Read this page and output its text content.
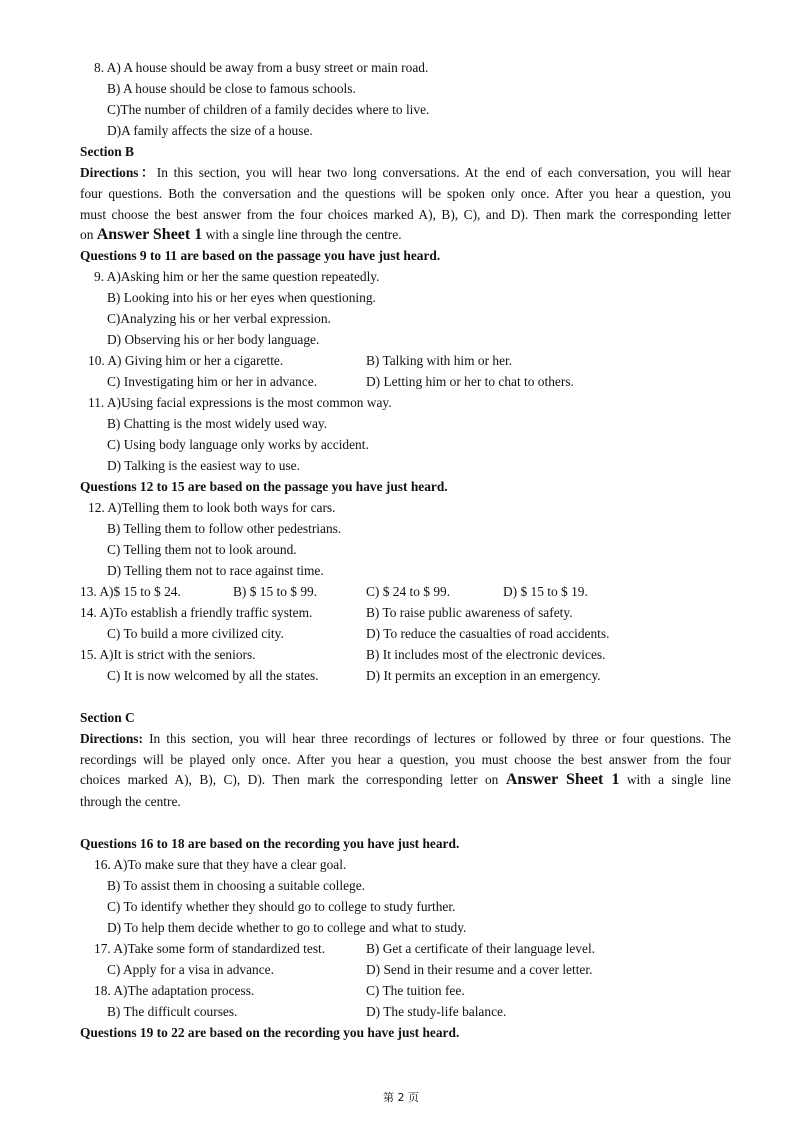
8. A) A house should be away from a busy street or main road.
B) A house should be close to famous schools.
C)The number of children of a family decides where to live.
D)A family affects the size of a house.
Section B
Directions：In this section, you will hear two long conversations. At the end of each conversation, you will hear
four questions. Both the conversation and the questions will be spoken only once. After you hear a question, you
must choose the best answer from the four choices marked A), B), C), and D). Then mark the corresponding letter
on Answer Sheet 1 with a single line through the centre.
Questions 9 to 11 are based on the passage you have just heard.
9. A)Asking him or her the same question repeatedly.
B) Looking into his or her eyes when questioning.
C)Analyzing his or her verbal expression.
D) Observing his or her body language.
10. A) Giving him or her a cigarette.	B) Talking with him or her.
C) Investigating him or her in advance.	D) Letting him or her to chat to others.
11. A)Using facial expressions is the most common way.
B) Chatting is the most widely used way.
C) Using body language only works by accident.
D) Talking is the easiest way to use.
Questions 12 to 15 are based on the passage you have just heard.
12. A)Telling them to look both ways for cars.
B) Telling them to follow other pedestrians.
C) Telling them not to look around.
D) Telling them not to race against time.
13. A)$ 15 to $ 24.	B) $ 15 to $ 99.	C) $ 24 to $ 99.	D) $ 15 to $ 19.
14. A)To establish a friendly traffic system.	B) To raise public awareness of safety.
C) To build a more civilized city.	D) To reduce the casualties of road accidents.
15. A)It is strict with the seniors.	B) It includes most of the electronic devices.
C) It is now welcomed by all the states.	D) It permits an exception in an emergency.
Section C
Directions: In this section, you will hear three recordings of lectures or followed by three or four questions. The
recordings will be played only once. After you hear a question, you must choose the best answer from the four
choices marked A), B), C), D). Then mark the corresponding letter on Answer Sheet 1 with a single line
through the centre.
Questions 16 to 18 are based on the recording you have just heard.
16. A)To make sure that they have a clear goal.
B) To assist them in choosing a suitable college.
C) To identify whether they should go to college to study further.
D) To help them decide whether to go to college and what to study.
17. A)Take some form of standardized test.	B) Get a certificate of their language level.
C) Apply for a visa in advance.	D) Send in their resume and a cover letter.
18. A)The adaptation process.	C) The tuition fee.
B) The difficult courses.	D) The study-life balance.
Questions 19 to 22 are based on the recording you have just heard.
第 2 页
